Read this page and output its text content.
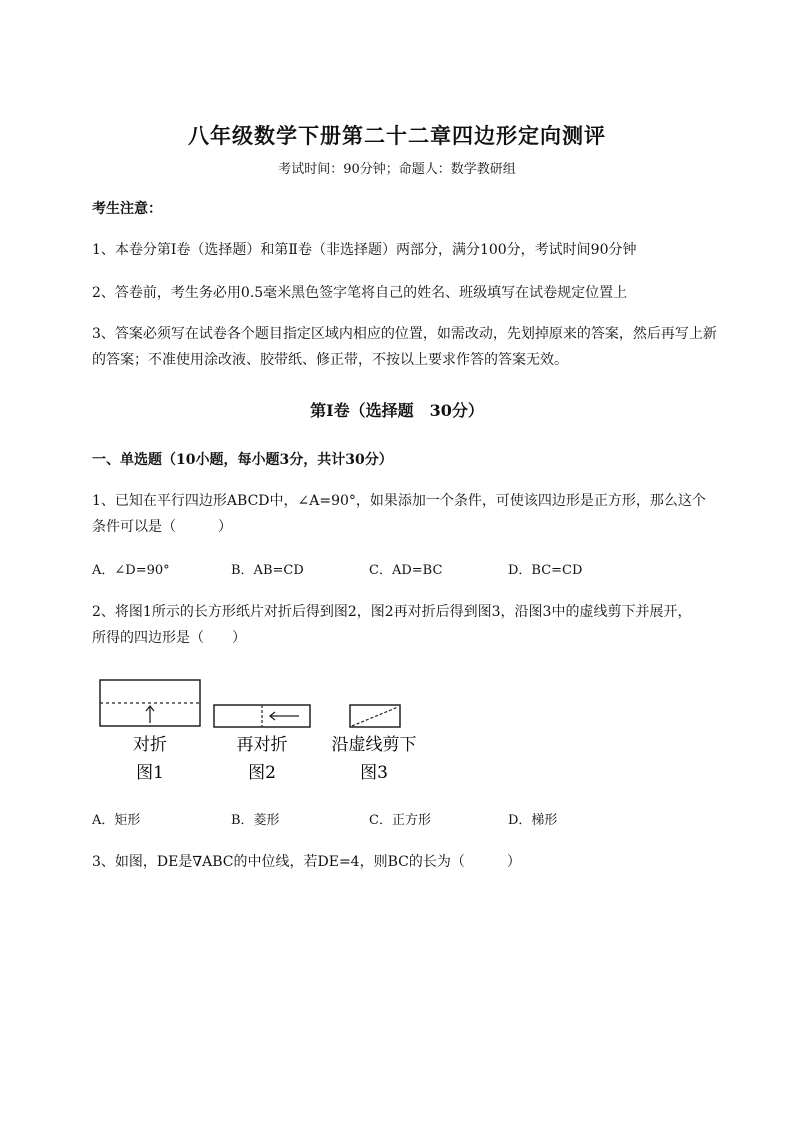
八年级数学下册第二十二章四边形定向测评
考试时间：90分钟；命题人：数学教研组
考生注意：
1、本卷分第I卷（选择题）和第Ⅱ卷（非选择题）两部分，满分100分，考试时间90分钟
2、答卷前，考生务必用0.5毫米黑色签字笔将自己的姓名、班级填写在试卷规定位置上
3、答案必须写在试卷各个题目指定区域内相应的位置，如需改动，先划掉原来的答案，然后再写上新
的答案；不准使用涂改液、胶带纸、修正带，不按以上要求作答的答案无效。
第I卷（选择题　30分）
一、单选题（10小题，每小题3分，共计30分）
1、已知在平行四边形ABCD中，∠A=90°，如果添加一个条件，可使该四边形是正方形，那么这个
条件可以是（　　　）
A．∠D=90°	B．AB=CD	C．AD=BC	D．BC=CD
2、将图1所示的长方形纸片对折后得到图2，图2再对折后得到图3，沿图3中的虚线剪下并展开，
所得的四边形是（　　）
对折
图1
再对折
图2
沿虚线剪下
图3
A．矩形	B．菱形	C．正方形	D．梯形
3、如图，DE是∇ABC的中位线，若DE=4，则BC的长为（　　　）
